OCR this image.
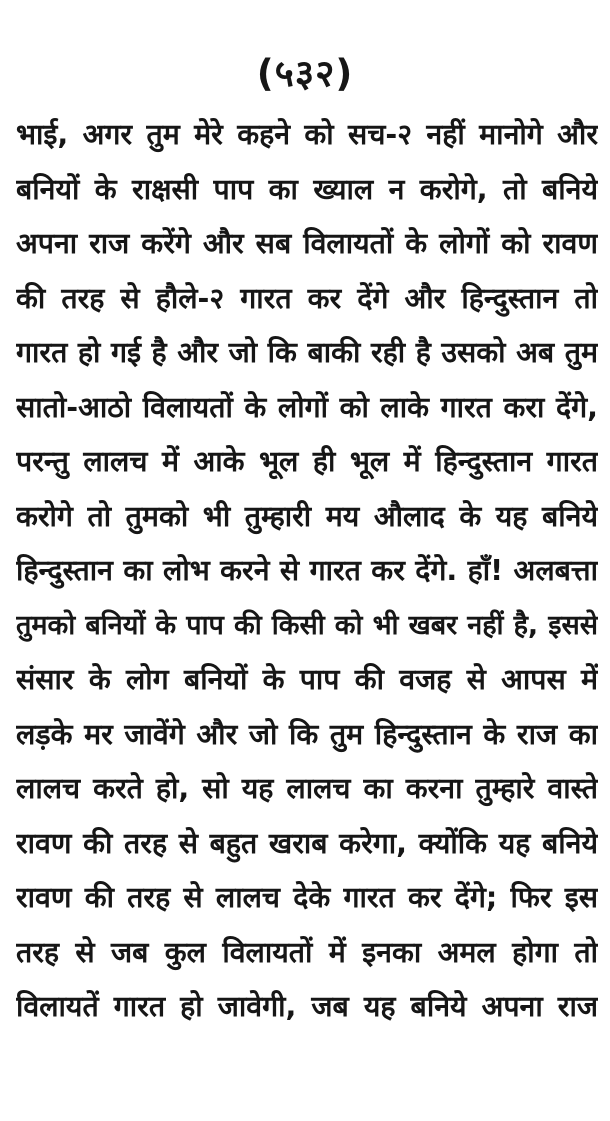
(५३२)
भाई, अगर तुम मेरे कहने को सच-२ नहीं मानोगे और
बनियों के राक्षसी पाप का ख्याल न करोगे, तो बनिये
अपना राज करेंगे और सब विलायतों के लोगों को रावण
की तरह से हौले-२ गारत कर देंगे और हिन्दुस्तान तो
गारत हो गई है और जो कि बाकी रही है उसको अब तुम
सातो-आठो विलायतों के लोगों को लाके गारत करा देंगे,
परन्तु लालच में आके भूल ही भूल में हिन्दुस्तान गारत
करोगे तो तुमको भी तुम्हारी मय औलाद के यह बनिये
हिन्दुस्तान का लोभ करने से गारत कर देंगे. हाँ! अलबत्ता
तुमको बनियों के पाप की किसी को भी खबर नहीं है, इससे
संसार के लोग बनियों के पाप की वजह से आपस में
लड़के मर जावेंगे और जो कि तुम हिन्दुस्तान के राज का
लालच करते हो, सो यह लालच का करना तुम्हारे वास्ते
रावण की तरह से बहुत खराब करेगा, क्योंकि यह बनिये
रावण की तरह से लालच देके गारत कर देंगे; फिर इस
तरह से जब कुल विलायतों में इनका अमल होगा तो
विलायतें गारत हो जावेगी, जब यह बनिये अपना राज
